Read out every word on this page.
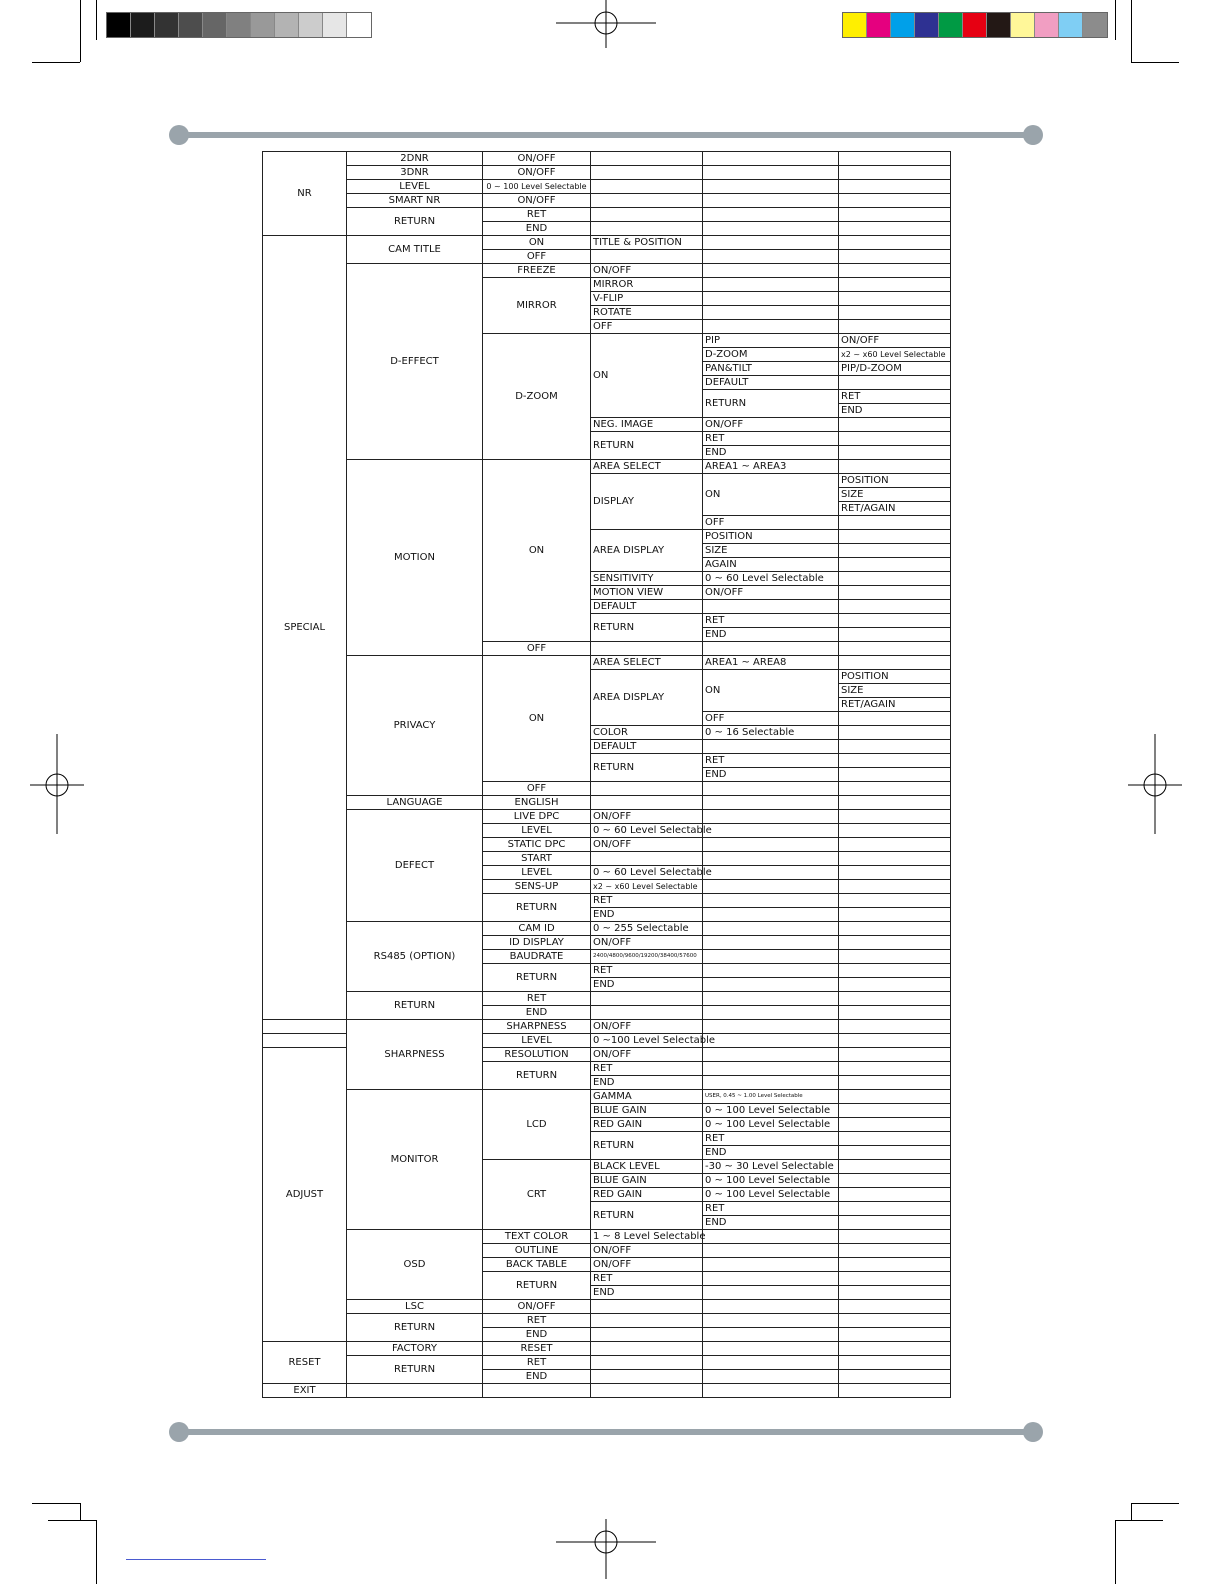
NR	2DNR	ON/OFF			
	3DNR	ON/OFF			
	LEVEL	0 ~ 100 Level Selectable			
	SMART NR	ON/OFF			
	RETURN	RET			
		END			
SPECIAL	CAM TITLE	ON	TITLE & POSITION		
		OFF			
	D-EFFECT	FREEZE	ON/OFF		
		MIRROR	MIRROR		
			V-FLIP		
			ROTATE		
			OFF		
		D-ZOOM	ON	PIP	ON/OFF
				D-ZOOM	x2 ~ x60 Level Selectable
				PAN&TILT	PIP/D-ZOOM
				DEFAULT	
				RETURN	RET
					END
			NEG. IMAGE	ON/OFF	
			RETURN	RET	
				END	
	MOTION	ON	AREA SELECT	AREA1 ~ AREA3	
			DISPLAY	ON	POSITION
					SIZE
					RET/AGAIN
				OFF	
			AREA DISPLAY	POSITION	
				SIZE	
				AGAIN	
			SENSITIVITY	0 ~ 60 Level Selectable	
			MOTION VIEW	ON/OFF	
			DEFAULT		
			RETURN	RET	
				END	
		OFF			
	PRIVACY	ON	AREA SELECT	AREA1 ~ AREA8	
			AREA DISPLAY	ON	POSITION
					SIZE
					RET/AGAIN
				OFF	
			COLOR	0 ~ 16 Selectable	
			DEFAULT		
			RETURN	RET	
				END	
		OFF			
	LANGUAGE	ENGLISH			
	DEFECT	LIVE DPC	ON/OFF		
		LEVEL	0 ~ 60 Level Selectable		
		STATIC DPC	ON/OFF		
		START			
		LEVEL	0 ~ 60 Level Selectable		
		SENS-UP	x2 ~ x60 Level Selectable		
		RETURN	RET		
			END		
	RS485 (OPTION)	CAM ID	0 ~ 255 Selectable		
		ID DISPLAY	ON/OFF		
		BAUDRATE	2400/4800/9600/19200/38400/57600		
		RETURN	RET		
			END		
	RETURN	RET			
		END			
	SHARPNESS	SHARPNESS	ON/OFF		
		LEVEL	0 ~100 Level Selectable		
ADJUST		RESOLUTION	ON/OFF		
		RETURN	RET		
			END		
	MONITOR	LCD	GAMMA	USER, 0.45 ~ 1.00 Level Selectable	
			BLUE GAIN	0 ~ 100 Level Selectable	
			RED GAIN	0 ~ 100 Level Selectable	
			RETURN	RET	
				END	
		CRT	BLACK LEVEL	-30 ~ 30 Level Selectable	
			BLUE GAIN	0 ~ 100 Level Selectable	
			RED GAIN	0 ~ 100 Level Selectable	
			RETURN	RET	
				END	
	OSD	TEXT COLOR	1 ~ 8 Level Selectable		
		OUTLINE	ON/OFF		
		BACK TABLE	ON/OFF		
		RETURN	RET		
			END		
	LSC	ON/OFF			
	RETURN	RET			
		END			
RESET	FACTORY	RESET			
	RETURN	RET			
		END			
EXIT					
